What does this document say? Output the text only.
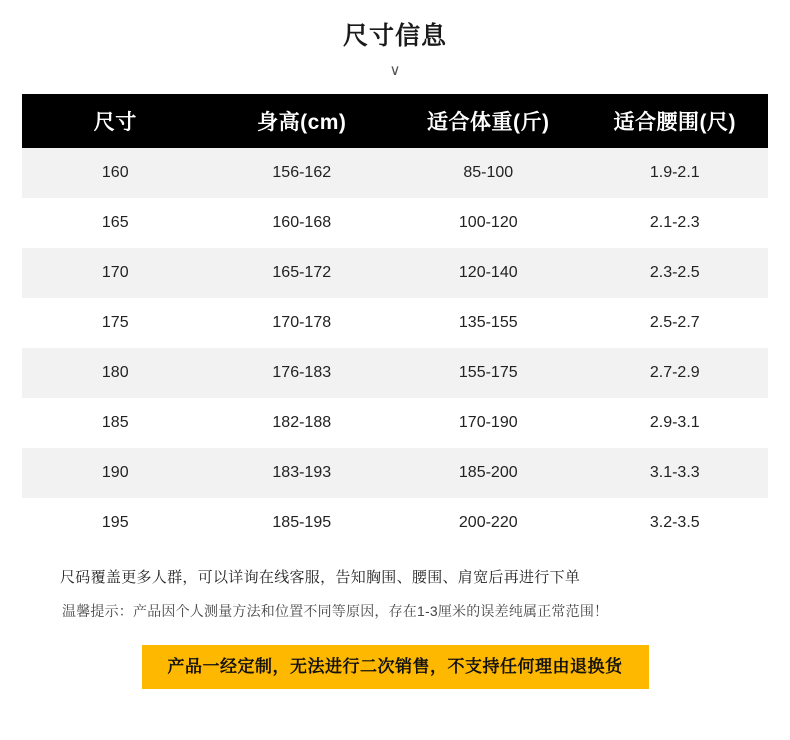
尺寸信息
∨
尺寸	身高(cm)	适合体重(斤)	适合腰围(尺)
160	156-162	85-100	1.9-2.1
165	160-168	100-120	2.1-2.3
170	165-172	120-140	2.3-2.5
175	170-178	135-155	2.5-2.7
180	176-183	155-175	2.7-2.9
185	182-188	170-190	2.9-3.1
190	183-193	185-200	3.1-3.3
195	185-195	200-220	3.2-3.5
尺码覆盖更多人群，可以详询在线客服，告知胸围、腰围、肩宽后再进行下单
温馨提示：产品因个人测量方法和位置不同等原因，存在1-3厘米的误差纯属正常范围！
产品一经定制，无法进行二次销售，不支持任何理由退换货
